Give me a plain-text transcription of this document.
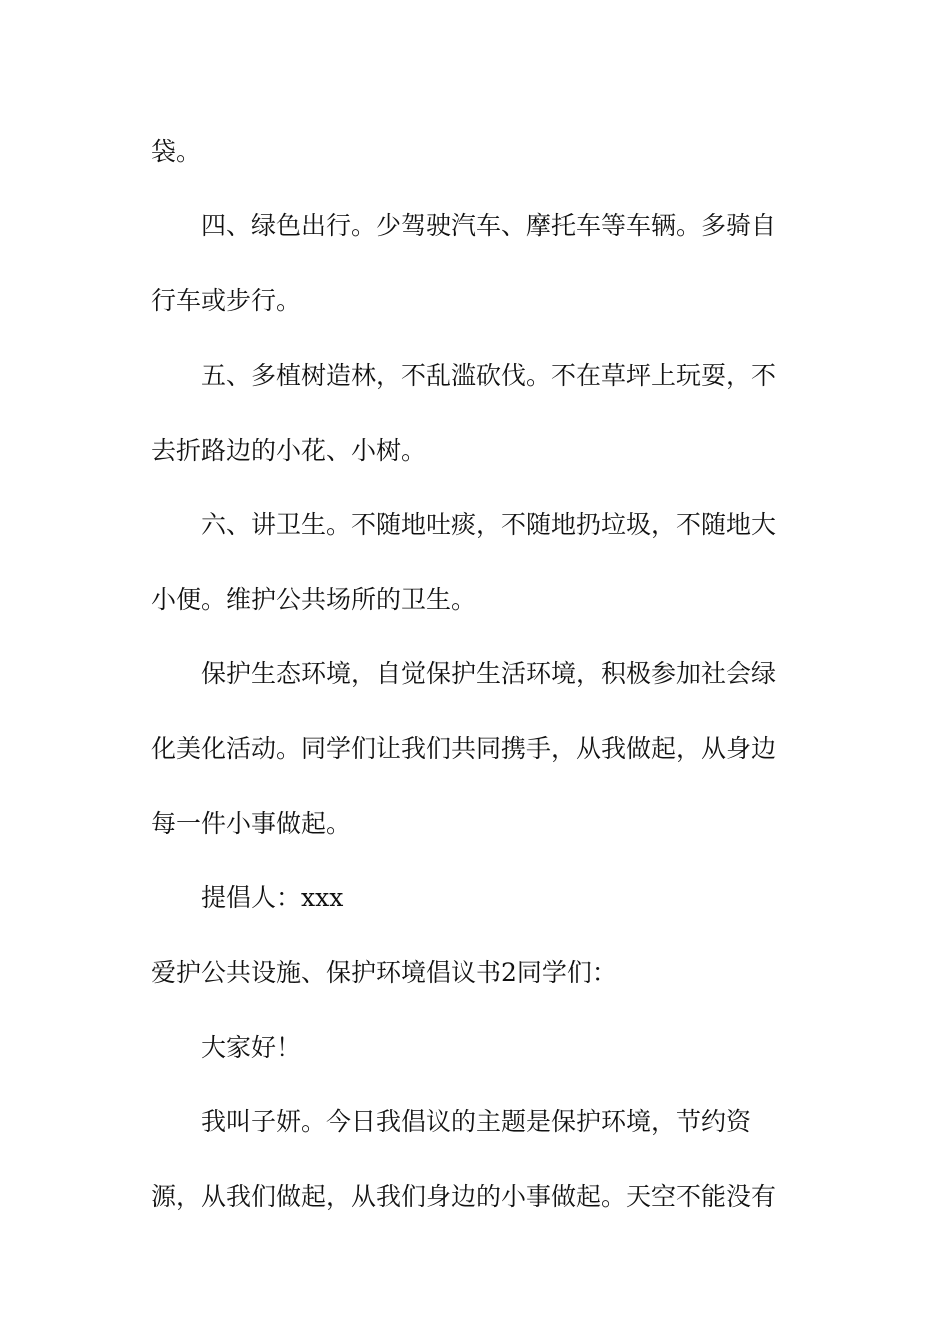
袋。
四、绿色出行。少驾驶汽车、摩托车等车辆。多骑自
行车或步行。
五、多植树造林，不乱滥砍伐。不在草坪上玩耍，不
去折路边的小花、小树。
六、讲卫生。不随地吐痰，不随地扔垃圾，不随地大
小便。维护公共场所的卫生。
保护生态环境，自觉保护生活环境，积极参加社会绿
化美化活动。同学们让我们共同携手，从我做起，从身边
每一件小事做起。
提倡人：xxx
爱护公共设施、保护环境倡议书2同学们：
大家好！
我叫子妍。今日我倡议的主题是保护环境，节约资
源，从我们做起，从我们身边的小事做起。天空不能没有
